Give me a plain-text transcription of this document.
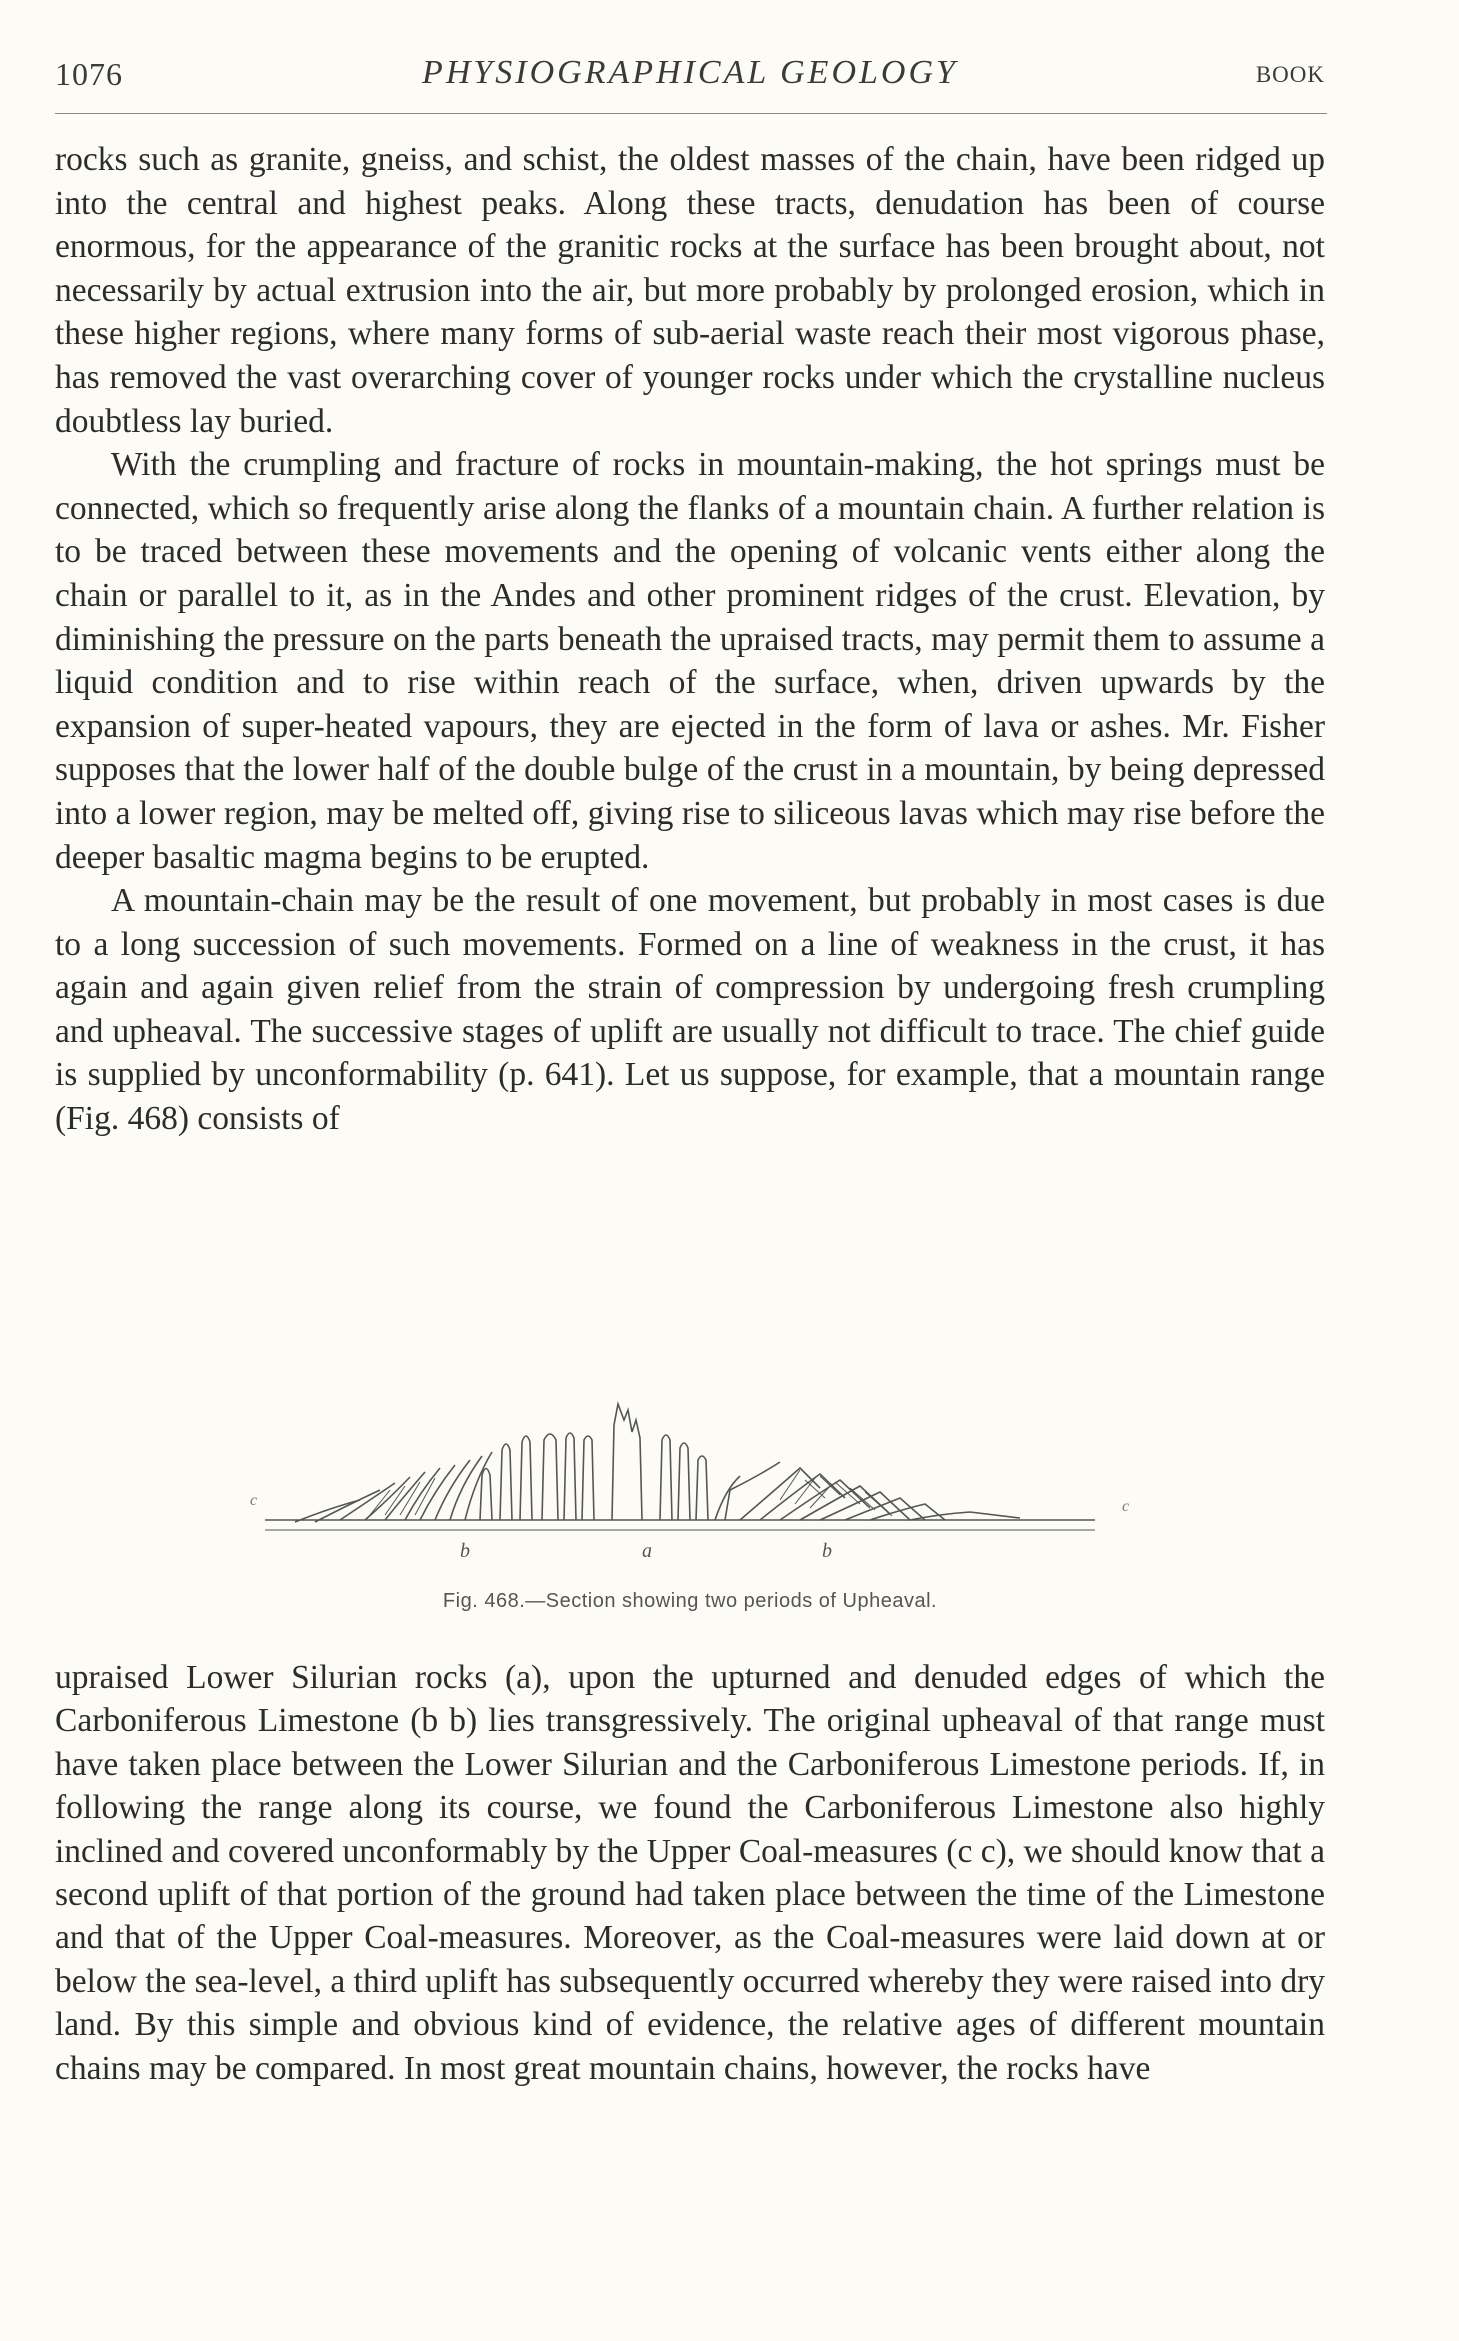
1076	PHYSIOGRAPHICAL GEOLOGY	BOOK

rocks such as granite, gneiss, and schist, the oldest masses of the chain, have been ridged up into the central and highest peaks. Along these tracts, denudation has been of course enormous, for the appearance of the granitic rocks at the surface has been brought about, not necessarily by actual extrusion into the air, but more probably by prolonged erosion, which in these higher regions, where many forms of sub-aerial waste reach their most vigorous phase, has removed the vast overarching cover of younger rocks under which the crystalline nucleus doubtless lay buried.

With the crumpling and fracture of rocks in mountain-making, the hot springs must be connected, which so frequently arise along the flanks of a mountain chain. A further relation is to be traced between these movements and the opening of volcanic vents either along the chain or parallel to it, as in the Andes and other prominent ridges of the crust. Elevation, by diminishing the pressure on the parts beneath the upraised tracts, may permit them to assume a liquid condition and to rise within reach of the surface, when, driven upwards by the expansion of super-heated vapours, they are ejected in the form of lava or ashes. Mr. Fisher supposes that the lower half of the double bulge of the crust in a mountain, by being depressed into a lower region, may be melted off, giving rise to siliceous lavas which may rise before the deeper basaltic magma begins to be erupted.

A mountain-chain may be the result of one movement, but probably in most cases is due to a long succession of such movements. Formed on a line of weakness in the crust, it has again and again given relief from the strain of compression by undergoing fresh crumpling and upheaval. The successive stages of uplift are usually not difficult to trace. The chief guide is supplied by unconformability (p. 641). Let us suppose, for example, that a mountain range (Fig. 468) consists of

c	c
b	a	b
Fig. 468.—Section showing two periods of Upheaval.

upraised Lower Silurian rocks (a), upon the upturned and denuded edges of which the Carboniferous Limestone (b b) lies transgressively. The original upheaval of that range must have taken place between the Lower Silurian and the Carboniferous Limestone periods. If, in following the range along its course, we found the Carboniferous Limestone also highly inclined and covered unconformably by the Upper Coal-measures (c c), we should know that a second uplift of that portion of the ground had taken place between the time of the Limestone and that of the Upper Coal-measures. Moreover, as the Coal-measures were laid down at or below the sea-level, a third uplift has subsequently occurred whereby they were raised into dry land. By this simple and obvious kind of evidence, the relative ages of different mountain chains may be compared. In most great mountain chains, however, the rocks have
